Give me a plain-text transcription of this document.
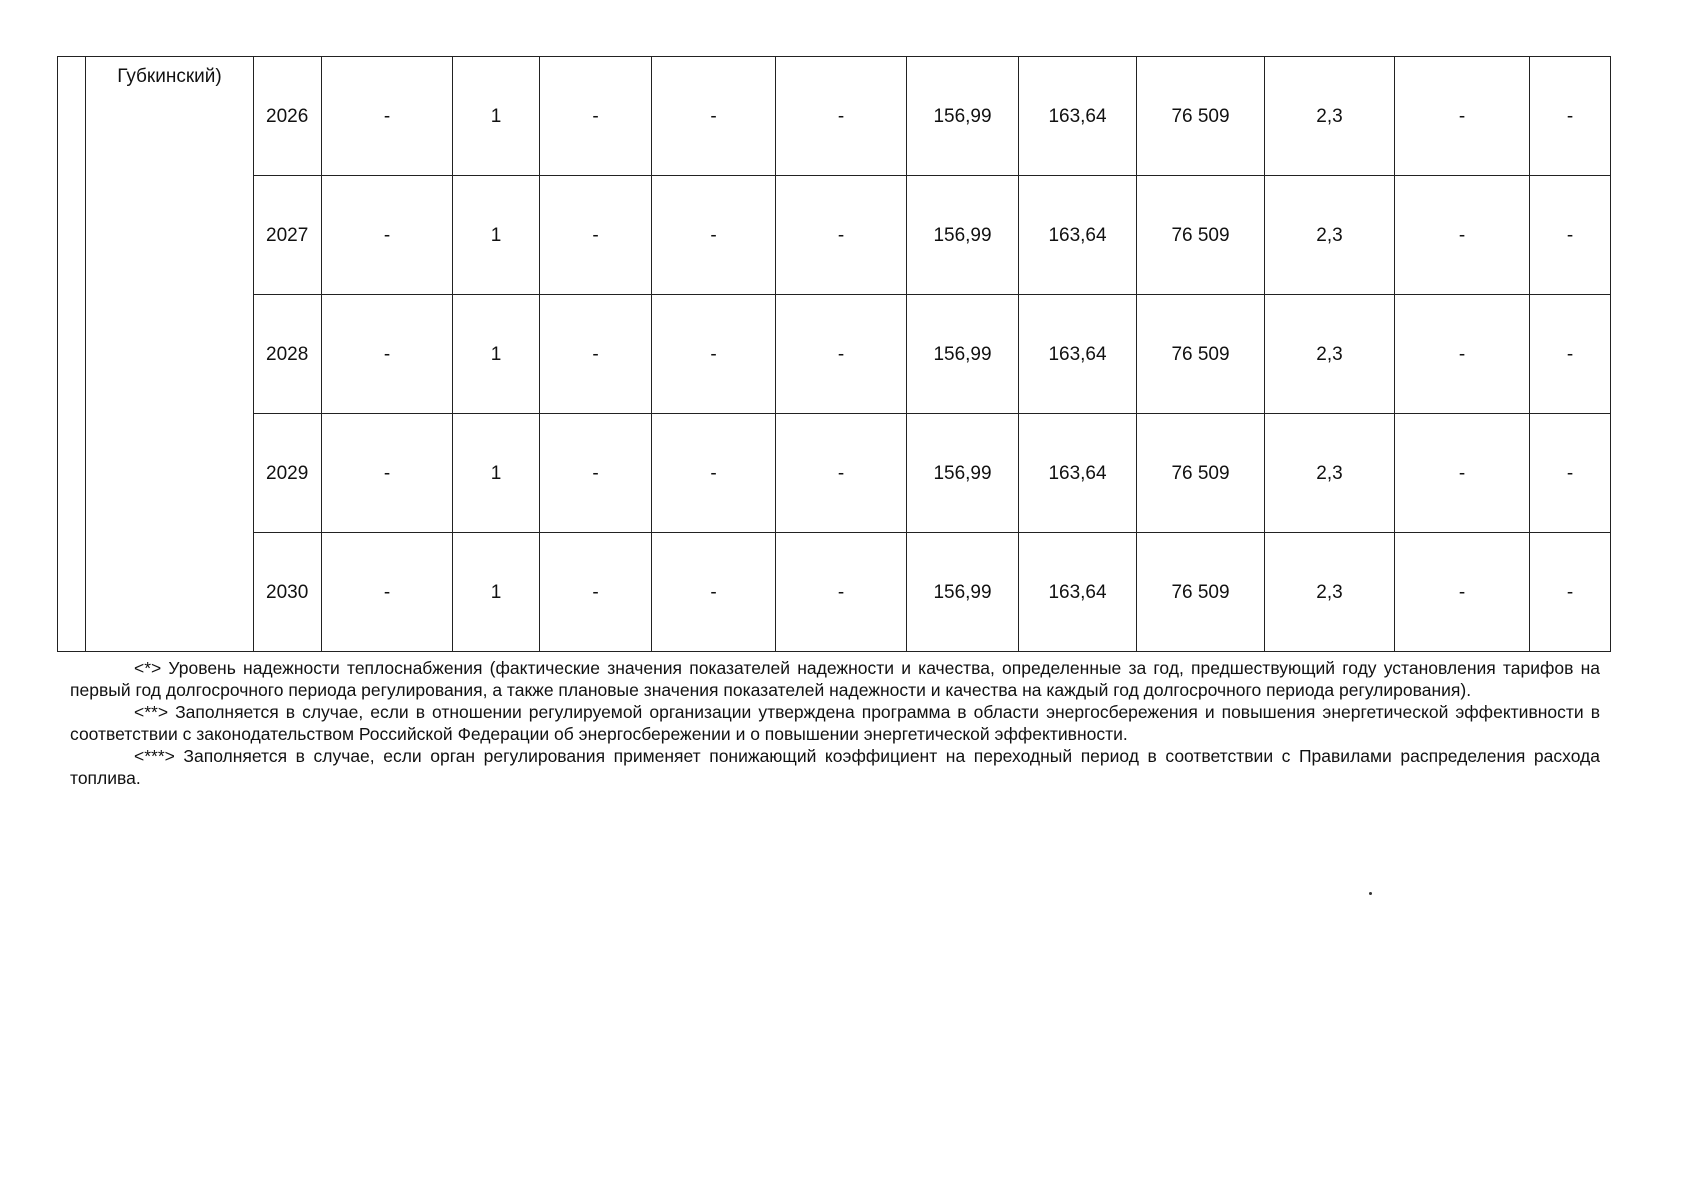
	Губкинский)	2026	-	1	-	-	-	156,99	163,64	76 509	2,3	-	-
		2027	-	1	-	-	-	156,99	163,64	76 509	2,3	-	-
		2028	-	1	-	-	-	156,99	163,64	76 509	2,3	-	-
		2029	-	1	-	-	-	156,99	163,64	76 509	2,3	-	-
		2030	-	1	-	-	-	156,99	163,64	76 509	2,3	-	-

<*> Уровень надежности теплоснабжения (фактические значения показателей надежности и качества, определенные за год, предшествующий году установления тарифов на первый год долгосрочного периода регулирования, а также плановые значения показателей надежности и качества на каждый год долгосрочного периода регулирования).

<**> Заполняется в случае, если в отношении регулируемой организации утверждена программа в области энергосбережения и повышения энергетической эффективности в соответствии с законодательством Российской Федерации об энергосбережении и о повышении энергетической эффективности.

<***> Заполняется в случае, если орган регулирования применяет понижающий коэффициент на переходный период в соответствии с Правилами распределения расхода топлива.
